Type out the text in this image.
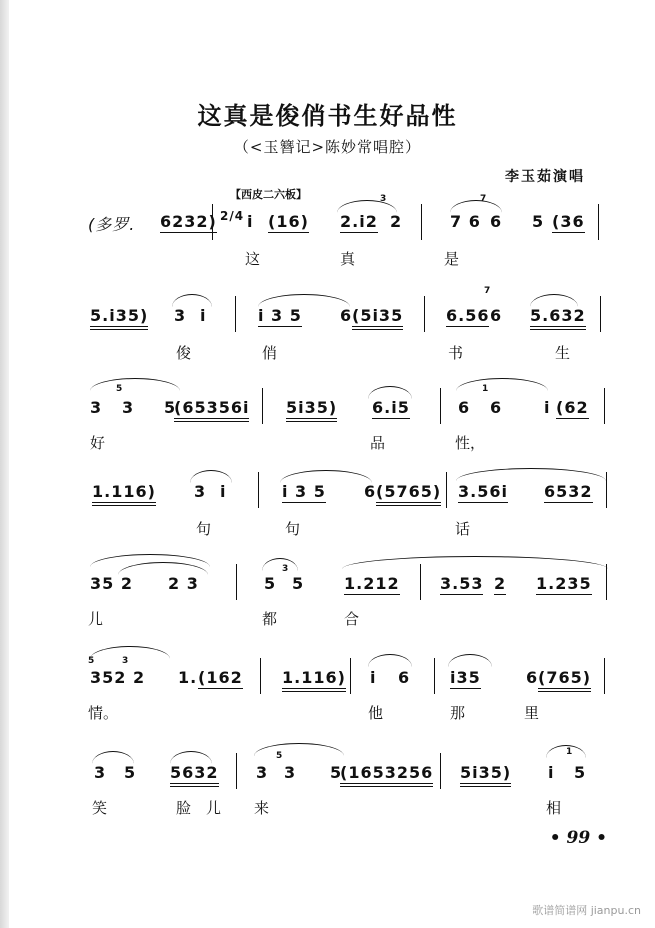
这真是俊俏书生好品性
（<玉簪记>陈妙常唱腔）
李玉茹演唱
【西皮二六板】
(多罗. 6232) 2/4 i (16)
3
2.i2 2
7
7 6 6 5 (36
这	真	是
5.i35) 3 i	i 3 5 6 (5i35
7
6.56 6 5.632
俊	俏	书	生
5
3 3 5
(65356i 5i35) 6.i5
1
6 6	i (62
好	品	性，
1.116) 3 i	i 3 5 6 (5765) 3.56i 6532
句	句	话
35 2 2 3
3
5 5 1.212	3.53 2 1.235
儿	都	合
5	3
352 2 1. (162 1.116) i 6 i35	6 (765)
情。	他	那	里
3 5 5632
5
3 3 5
(1653256 5i35)
1
i 5
笑	脸 儿 来	相
• 99 •
歌谱简谱网 jianpu.cn
